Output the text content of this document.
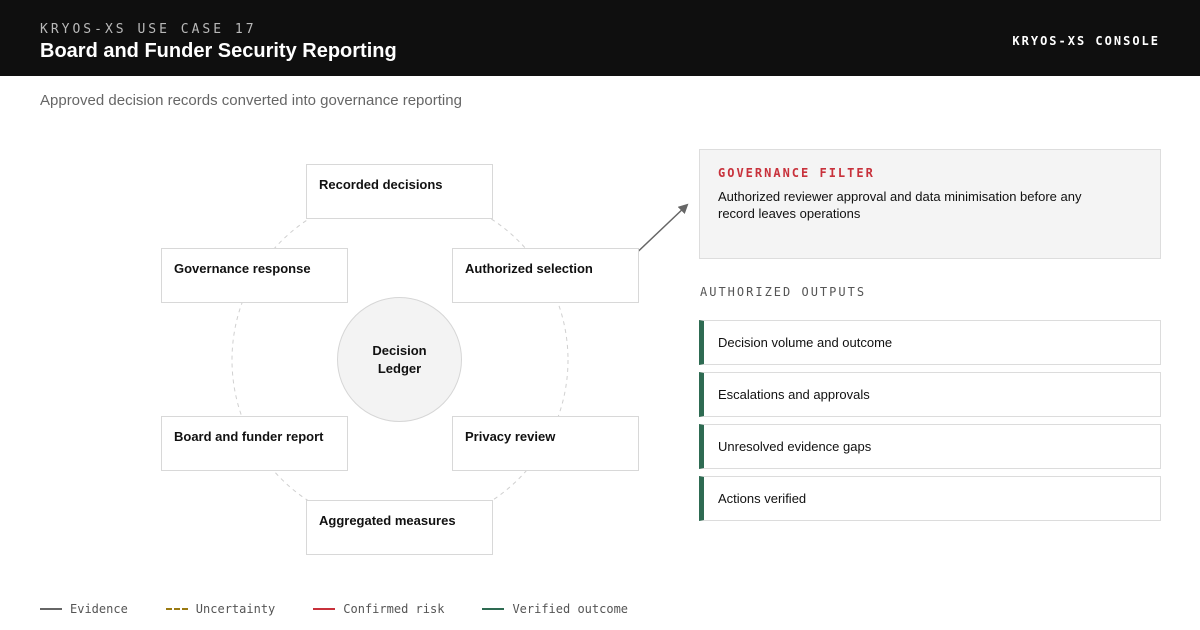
KRYOS-XS USE CASE 17
Board and Funder Security Reporting	KRYOS-XS CONSOLE
Approved decision records converted into governance reporting
Recorded decisions
Authorized selection
Privacy review
Aggregated measures
Board and funder report
Governance response
Decision Ledger
GOVERNANCE FILTER
Authorized reviewer approval and data minimisation before any record leaves operations
AUTHORIZED OUTPUTS
Decision volume and outcome
Escalations and approvals
Unresolved evidence gaps
Actions verified
Evidence	Uncertainty	Confirmed risk	Verified outcome
